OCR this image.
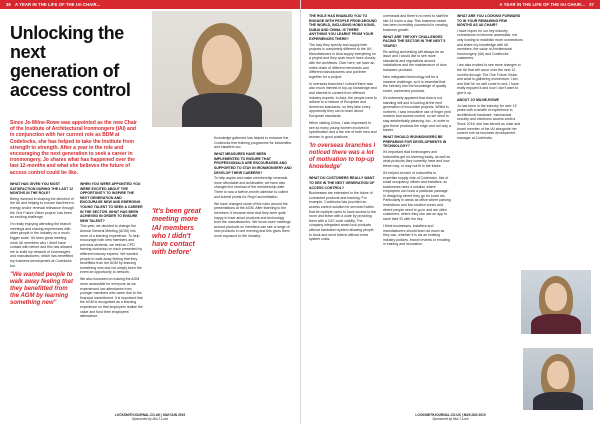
36 A YEAR IN THE LIFE OF THE IAI CHAIR...
Unlocking the next generation of access control
Since Jo Milne-Rowe was appointed as the new Chair of the Institute of Architectural Ironmongers (IAI) and in conjunction with her current role as BDM at Codelocks, she has helped to take the Institute from strength to strength. After a year in the role and encouraging the next generation to seek a career in ironmongery, Jo shares what has happened over the last 12-months and what she believes the future of access control could be like.

WHAT HAS GIVEN YOU MOST SATISFACTION DURING THE LAST 12 MONTHS IN THE ROLE?

Being involved in shaping the direction of the IAI and helping to ensure that there is energy and/or renewal relevance through the One Future Vision project, has been an exciting challenge.

I'm really enjoying attending the branch meetings and sharing experiences with other people in the industry on a much bigger scale. It's been great meeting more IAI members who I didn't have contact with before and this has allowed me to build my network of ironmongers and manufacturers, which has benefitted my business development at Codelocks too.

"We wanted people to walk away feeling that they benefitted from the AGM by learning something new"

WHEN YOU WERE APPOINTED YOU WERE EXCITED ABOUT THE OPPORTUNITY TO INSPIRE THE NEXT GENERATION AND ENCOURAGE NEW AND EMERGING YOUNG TALENT TO SEEK A CAREER IN THE SECTOR. WHAT HAS BEEN ACHIEVED IN ORDER TO ENSURE NEW TALENT?

This year, we decided to change the Annual General Meeting (AGM) into more of a learning experience. To help encourage both new members and previous students, we held an CPD training workshop on each presented by different industry experts. We wanted people to walk away feeling that they benefitted from the AGM by learning something new and not simply been the event an opportunity to network.

We also focussed on making the AGM more accessible for everyone as we experienced low attendance from younger members who came due to the financial commitment. It is important that the AGM is recognised as a learning experience so that employers realise the value and fund their employees' attendance.

'It's been great meeting more IAI members who I didn't have contact with before'

Knowledge gathered has helped to enhance the Codelocks free training programme for locksmiths and installers too.

WHAT MEASURES HAVE BEEN IMPLEMENTED TO ENSURE THAT PROFESSIONALS ARE ENCOURAGED AND SUPPORTED TO STAY IN IRONMONGERY AND DEVELOP THEIR CAREERS?

To help aspire and make membership renewals more affordable and achievable, we have also changed the renewal of the membership date. There is now a twelve-month calendar to collect and submit points for Reg'd accreditation.

We have changed some of the rules around the presentations at the AGM. After listening to the members, it became clear that they were quite happy to hear about products and technology from the manufacturers. We focus more meetings around products so members can see a range of new products in one evening and this gives them more exposure to the industry.

LOCKSMITHJOURNAL.CO.UK | MAY/JUN 2019
Sponsored by Mul-T-Lock
A YEAR IN THE LIFE OF THE IAI CHAIR... 37

THE ROLE HAS ENABLED YOU TO ENGAGE WITH PEOPLE FROM AROUND THE WORLD, INCLUDING HONG KONG, DUBAI AND CHINA. IS THERE ANYTHING YOU LEARNT FROM YOUR EXPERIENCES THERE?

The way they specify and supply their projects is completely different to the UK. Manufacturers in Asia supply everything on a project and they work much more closely with the architects. Over here, we have an entire chain of different merchants and different manufacturers and put them together for a project.

In overseas branches I noticed there was also much interest in top-up knowledge and real interest in content from different industry experts. In Asia, the people have to adhere to a mixture of European and American standards, so they take every opportunity they can to learn about European standards.

When visiting China, I was impressed to see so many young women involved in specification and a fair mix of both men and women in good positions.

'In overseas branches I noticed there was a lot of motivation to top-up knowledge'

WHAT DO CUSTOMERS REALLY WANT TO SEE IN THE NEXT GENERATION OF ACCESS CONTROL?

Businesses are interested in the future of connected products and tracking. For example, Codelocks has provided an access control solution for serviced hotels that let multiple users to have access to the room and leave with a code by providing them with a 24/7 code validity. The company integrated smart lock products without hardwired system allowing people to book and send tokens without extra system costs.

overheads and there's no need to staff the site 24 hours a day. This business model has been incredibly successful in creating business growth.

WHAT ARE THE KEY CHALLENGES FACING THE SECTOR IN THE NEXT 5 YEARS?

Re-writing and testing will always be an issue and I would like to see more standards and regulations around installations and the maintenance of door hardware products.

New integrated technology will be a massive challenge, so it is essential that the industry has the knowledge of quality smart, connected products.

It's extremely apparent that Asia is not standing still and is looking at the next generation of innovative projects. Whilst in northern, I saw innovative use of finger print readers and access control, so we need to stay aesthetically pleasing, too - in order to give these products the edge and not only a barrier.

WHAT SHOULD IRONMONGERS BE PREPARING FOR DEVELOPMENTS IN TECHNOLOGY?

It's important that ironmongers and locksmiths get on-learning today, as well as what products they currently have and how these may, or may not fit in the future.

It's helpful at each of locksmiths to expertise supply side of Codelocks, lots of small occupancy offices and installers, so businesses need a solution where employees can book a particular passage. In designing where they go for lunch etc. Particularly in areas as office where parking restrictions and low-rotation zones and where people need to go in and are often customers, where they can use an app to store their ID with the key.

I think businesses, installers and manufacturers should learn as much as they can, whether it is via an existing industry policies, branch events or enrolling in training and innovation.

WHAT ARE YOU LOOKING FORWARD TO IN YOUR REMAINING FEW MONTHS AS IAI CHAIR?

I have hopes for our key industry connections to become accessible, not only looking to establish more connections and share my knowledge with IAI members, the value of Architectural Ironmongery (IAI) and Codelocks customers.

I am also excited to see more changes in the IAI that will occur over the next 12 months through The One Future Vision and what is gathering momentum. I am and that I'm on well come to end, I have really enjoyed it and now I don't want to give it up.

ABOUT JO MILNE-ROWE

Jo has been in the industry for over 15 years with a wealth of experience in architectural hardware, mechanical security and electronic access control. Since 2016, she has served as chair and board member of the IAI alongside her current role as business development manager at Codelocks.

LOCKSMITHJOURNAL.CO.UK | MAY/JUN 2019
Sponsored by Mul-T-Lock
